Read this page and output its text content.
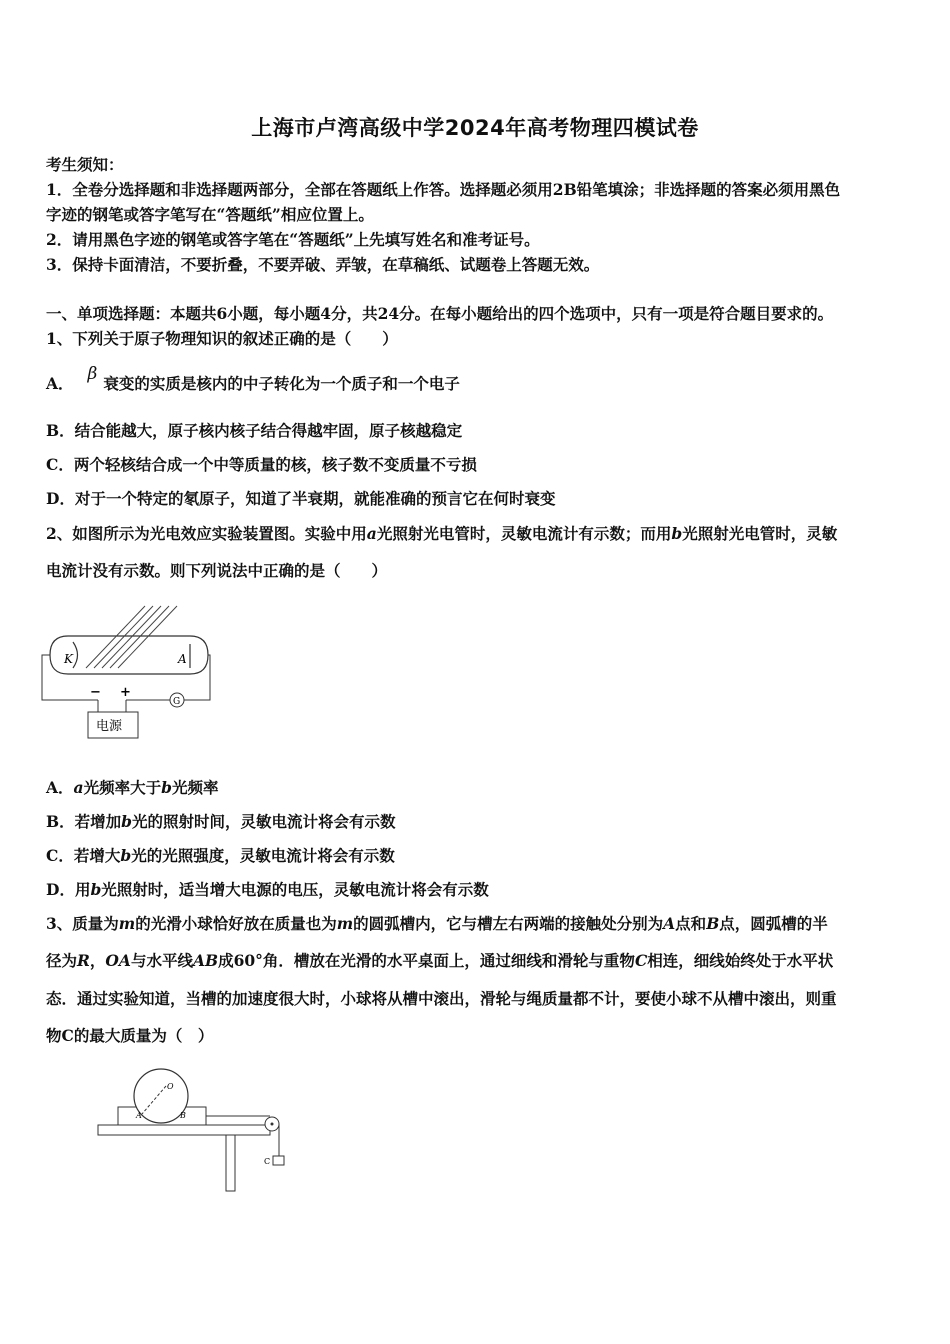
上海市卢湾高级中学2024年高考物理四模试卷
考生须知：
1．全卷分选择题和非选择题两部分，全部在答题纸上作答。选择题必须用2B铅笔填涂；非选择题的答案必须用黑色
字迹的钢笔或答字笔写在“答题纸”相应位置上。
2．请用黑色字迹的钢笔或答字笔在“答题纸”上先填写姓名和准考证号。
3．保持卡面清洁，不要折叠，不要弄破、弄皱，在草稿纸、试题卷上答题无效。
一、单项选择题：本题共6小题，每小题4分，共24分。在每小题给出的四个选项中，只有一项是符合题目要求的。
1、下列关于原子物理知识的叙述正确的是（　　）
A． β 衰变的实质是核内的中子转化为一个质子和一个电子
B．结合能越大，原子核内核子结合得越牢固，原子核越稳定
C．两个轻核结合成一个中等质量的核，核子数不变质量不亏损
D．对于一个特定的氡原子，知道了半衰期，就能准确的预言它在何时衰变
2、如图所示为光电效应实验装置图。实验中用a光照射光电管时，灵敏电流计有示数；而用b光照射光电管时，灵敏
电流计没有示数。则下列说法中正确的是（　　）
K	A
− +
G
电源
A．a光频率大于b光频率
B．若增加b光的照射时间，灵敏电流计将会有示数
C．若增大b光的光照强度，灵敏电流计将会有示数
D．用b光照射时，适当增大电源的电压，灵敏电流计将会有示数
3、质量为m的光滑小球恰好放在质量也为m的圆弧槽内，它与槽左右两端的接触处分别为A点和B点，圆弧槽的半
径为R，OA与水平线AB成60°角．槽放在光滑的水平桌面上，通过细线和滑轮与重物C相连，细线始终处于水平状
态．通过实验知道，当槽的加速度很大时，小球将从槽中滚出，滑轮与绳质量都不计，要使小球不从槽中滚出，则重
物C的最大质量为（　）
O
A	B
C
